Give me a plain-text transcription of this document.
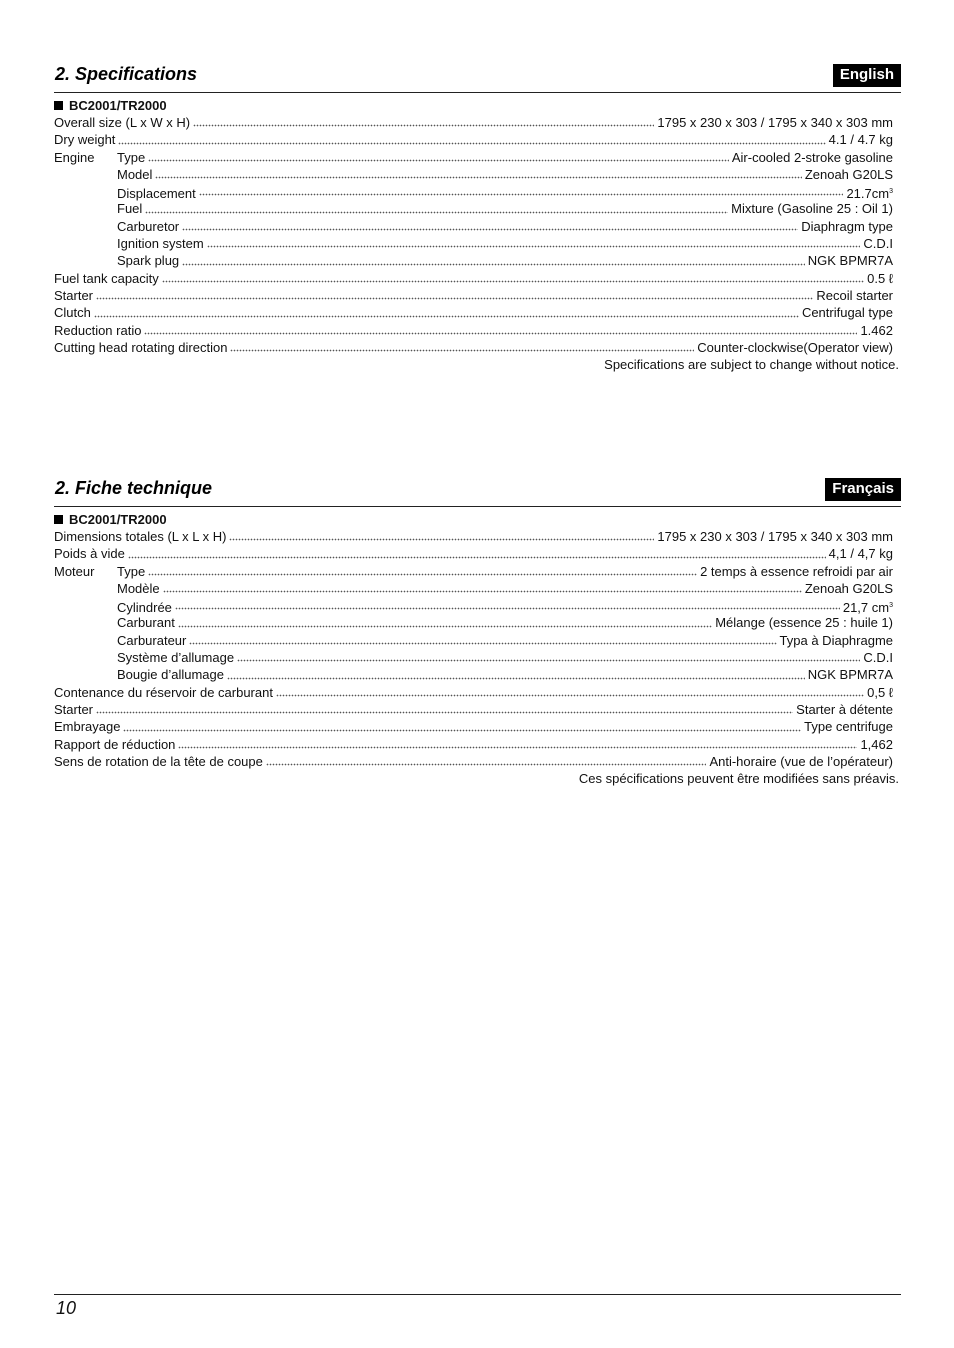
2. Specifications	English
BC2001/TR2000
Overall size (L x W x H)	1795 x 230 x 303 / 1795 x 340 x 303 mm
Dry weight	4.1 / 4.7 kg
Engine	Type	Air-cooled 2-stroke gasoline
Model	Zenoah G20LS
Displacement	$21.7cm^3$
Fuel	Mixture (Gasoline 25 : Oil 1)
Carburetor	Diaphragm type
Ignition system	C.D.I
Spark plug	NGK BPMR7A
Fuel tank capacity	0.5 ℓ
Starter	Recoil starter
Clutch	Centrifugal type
Reduction ratio	1.462
Cutting head rotating direction	Counter-clockwise(Operator view)
Specifications are subject to change without notice.
2. Fiche technique	Français
BC2001/TR2000
Dimensions totales (L x L x H)	1795 x 230 x 303 / 1795 x 340 x 303 mm
Poids à vide	4,1 / 4,7 kg
Moteur	Type	2 temps à essence refroidi par air
Modèle	Zenoah G20LS
Cylindrée	21,7 $cm^3$
Carburant	Mélange (essence 25 : huile 1)
Carburateur	Typa à Diaphragme
Système d’allumage	C.D.I
Bougie d’allumage	NGK BPMR7A
Contenance du réservoir de carburant	0,5 ℓ
Starter	Starter à détente
Embrayage	Type centrifuge
Rapport de réduction	1,462
Sens de rotation de la tête de coupe	Anti-horaire (vue de l’opérateur)
Ces spécifications peuvent être modifiées sans préavis.
10
